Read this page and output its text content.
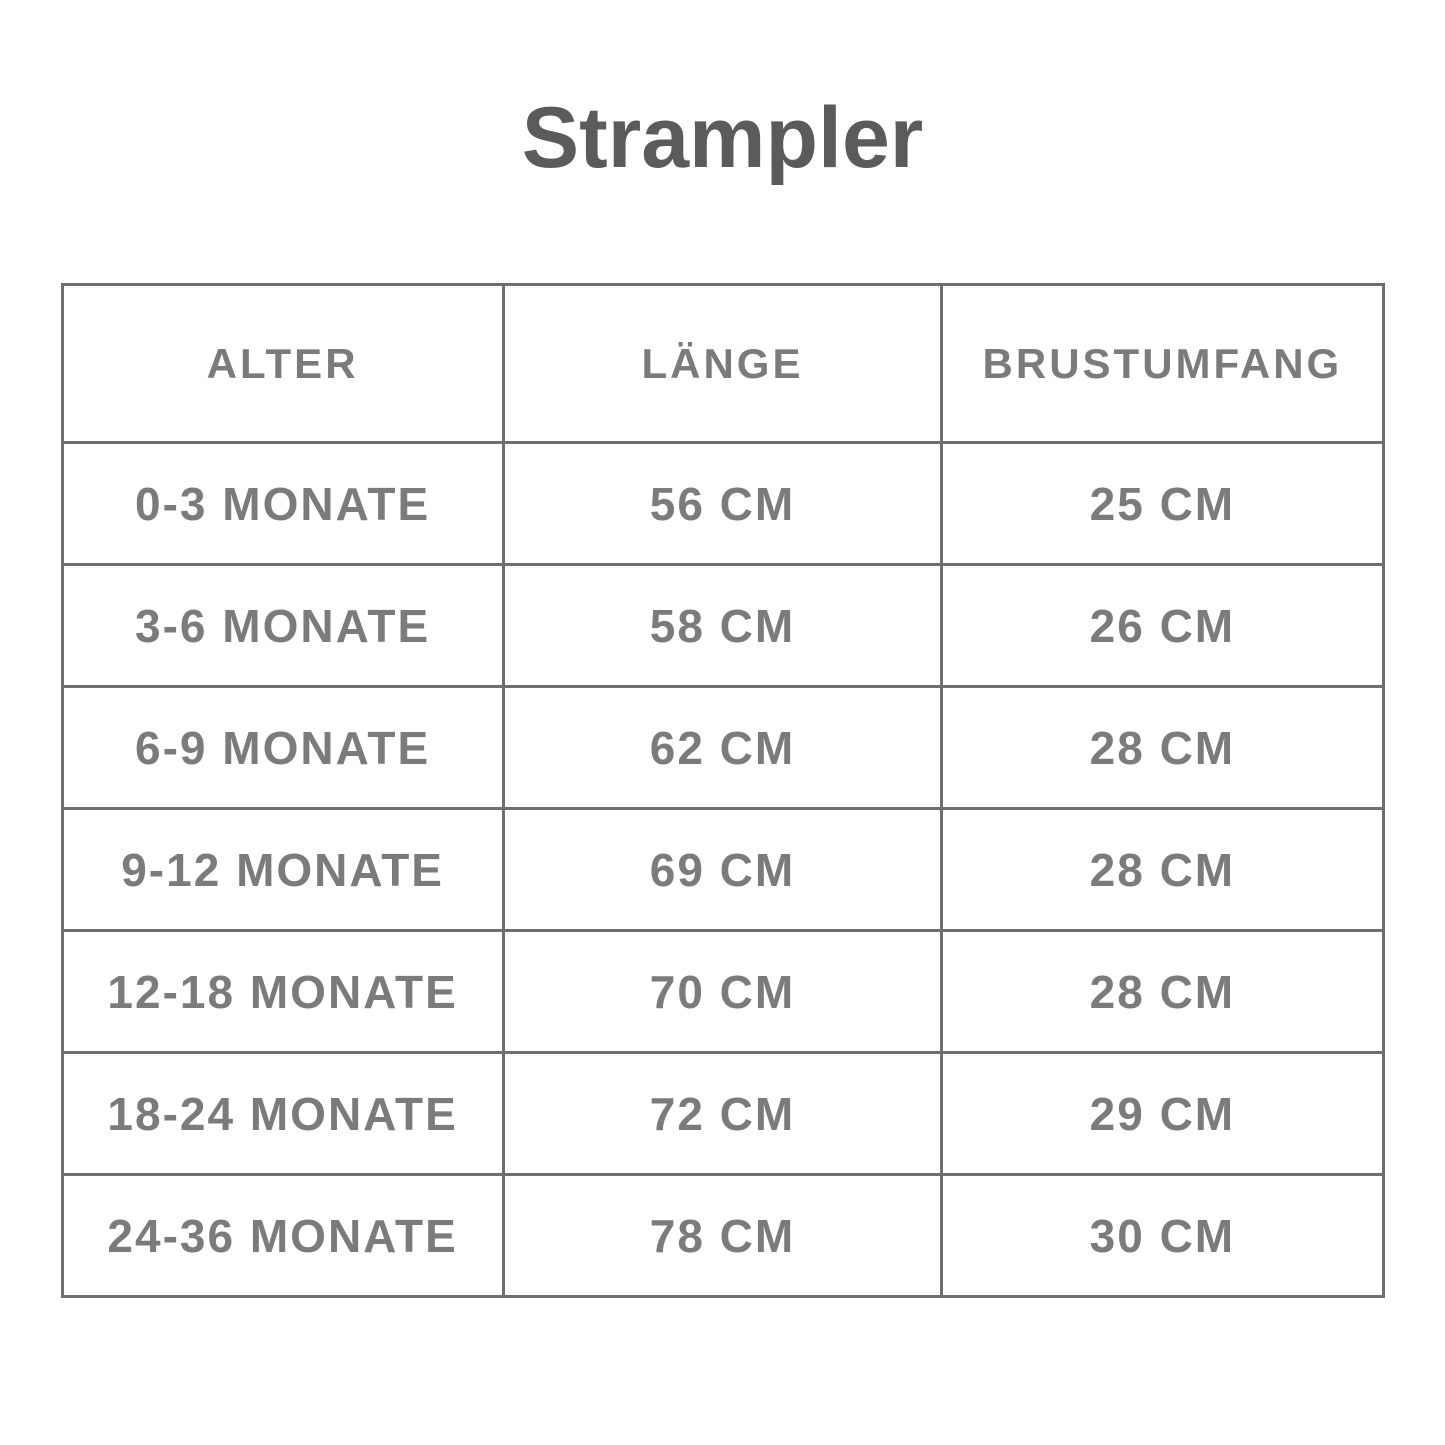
Strampler
ALTER	LÄNGE	BRUSTUMFANG
0-3 MONATE	56 CM	25 CM
3-6 MONATE	58 CM	26 CM
6-9 MONATE	62 CM	28 CM
9-12 MONATE	69 CM	28 CM
12-18 MONATE	70 CM	28 CM
18-24 MONATE	72 CM	29 CM
24-36 MONATE	78 CM	30 CM
